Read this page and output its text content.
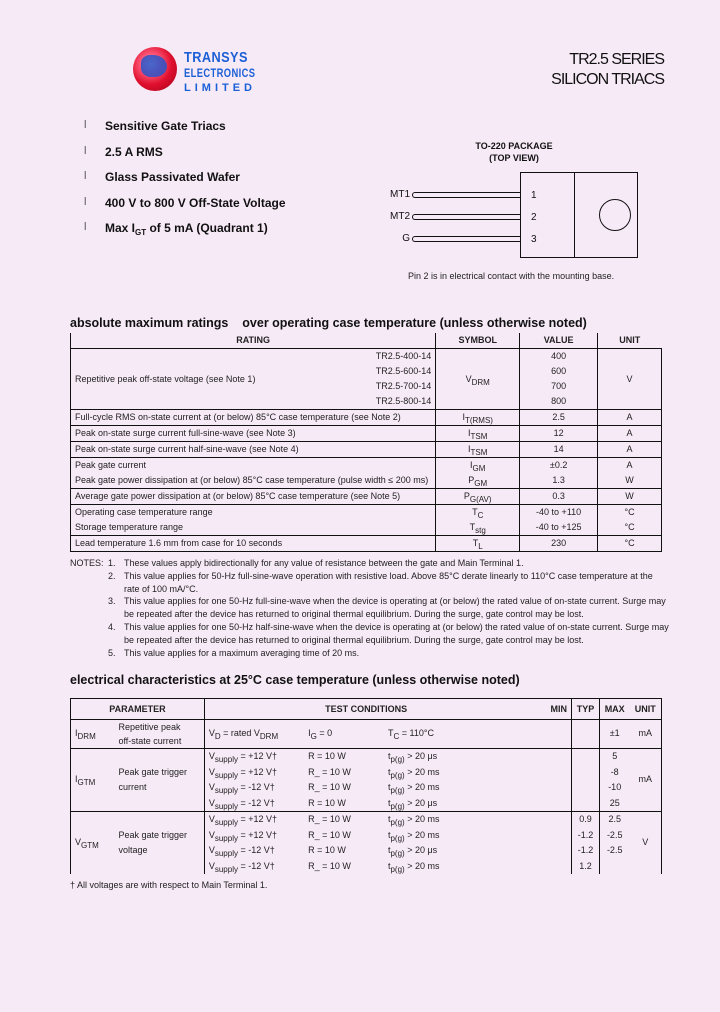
TRANSYS
ELECTRONICS
LIMITED
TR2.5 SERIES
SILICON TRIACS
l	Sensitive Gate Triacs
l	2.5 A RMS
l	Glass Passivated Wafer
l	400 V to 800 V Off-State Voltage
l	Max $I_{GT}$ of 5 mA (Quadrant 1)
TO-220 PACKAGE
(TOP VIEW)
MT1	1
MT2	2
G	3
Pin 2 is in electrical contact with the mounting base.
absolute maximum ratings over operating case temperature (unless otherwise noted)
RATING		SYMBOL	VALUE	UNIT
Repetitive peak off-state voltage (see Note 1)	TR2.5-400-14	$V_{DRM}$	400	V
	TR2.5-600-14		600	
	TR2.5-700-14		700	
	TR2.5-800-14		800	
Full-cycle RMS on-state current at (or below) 85°C case temperature (see Note 2)		$I_{T(RMS)}$	2.5	A
Peak on-state surge current full-sine-wave (see Note 3)		$I_{TSM}$	12	A
Peak on-state surge current half-sine-wave (see Note 4)		$I_{TSM}$	14	A
Peak gate current		$I_{GM}$	±0.2	A
Peak gate power dissipation at (or below) 85°C case temperature (pulse width ≤ 200 ms)		$P_{GM}$	1.3	W
Average gate power dissipation at (or below) 85°C case temperature (see Note 5)		$P_{G(AV)}$	0.3	W
Operating case temperature range		$T_C$	-40 to +110	°C
Storage temperature range		$T_{stg}$	-40 to +125	°C
Lead temperature 1.6 mm from case for 10 seconds		$T_L$	230	°C
NOTES: 1. These values apply bidirectionally for any value of resistance between the gate and Main Terminal 1.
2. This value applies for 50-Hz full-sine-wave operation with resistive load. Above 85°C derate linearly to 110°C case temperature at the rate of 100 mA/°C.
3. This value applies for one 50-Hz full-sine-wave when the device is operating at (or below) the rated value of on-state current. Surge may be repeated after the device has returned to original thermal equilibrium. During the surge, gate control may be lost.
4. This value applies for one 50-Hz half-sine-wave when the device is operating at (or below) the rated value of on-state current. Surge may be repeated after the device has returned to original thermal equilibrium. During the surge, gate control may be lost.
5. This value applies for a maximum averaging time of 20 ms.
electrical characteristics at 25°C case temperature (unless otherwise noted)
PARAMETER		TEST CONDITIONS			MIN	TYP	MAX	UNIT
$I_{DRM}$	Repetitive peak
off-state current	$V_D$ = rated $V_{DRM}$	$I_G = 0$	$T_C = 110^\circ C$			±1	mA
$I_{GTM}$	Peak gate trigger
current	$V_{supply} = +12$ V†	R = 10 W	$t_{p(g)} > 20$ μs			5	mA
		$V_{supply} = +12$ V†	R_ = 10 W	$t_{p(g)} > 20$ ms			-8	
		$V_{supply} = -12$ V†	R_ = 10 W	$t_{p(g)} > 20$ ms			-10	
		$V_{supply} = -12$ V†	R = 10 W	$t_{p(g)} > 20$ μs			25	
$V_{GTM}$	Peak gate trigger
voltage	$V_{supply} = +12$ V†	R_ = 10 W	$t_{p(g)} > 20$ ms		0.9	2.5	V
		$V_{supply} = +12$ V†	R_ = 10 W	$t_{p(g)} > 20$ ms		-1.2	-2.5	
		$V_{supply} = -12$ V†	R = 10 W	$t_{p(g)} > 20$ μs		-1.2	-2.5	
		$V_{supply} = -12$ V†	R_ = 10 W	$t_{p(g)} > 20$ ms		1.2		
† All voltages are with respect to Main Terminal 1.
